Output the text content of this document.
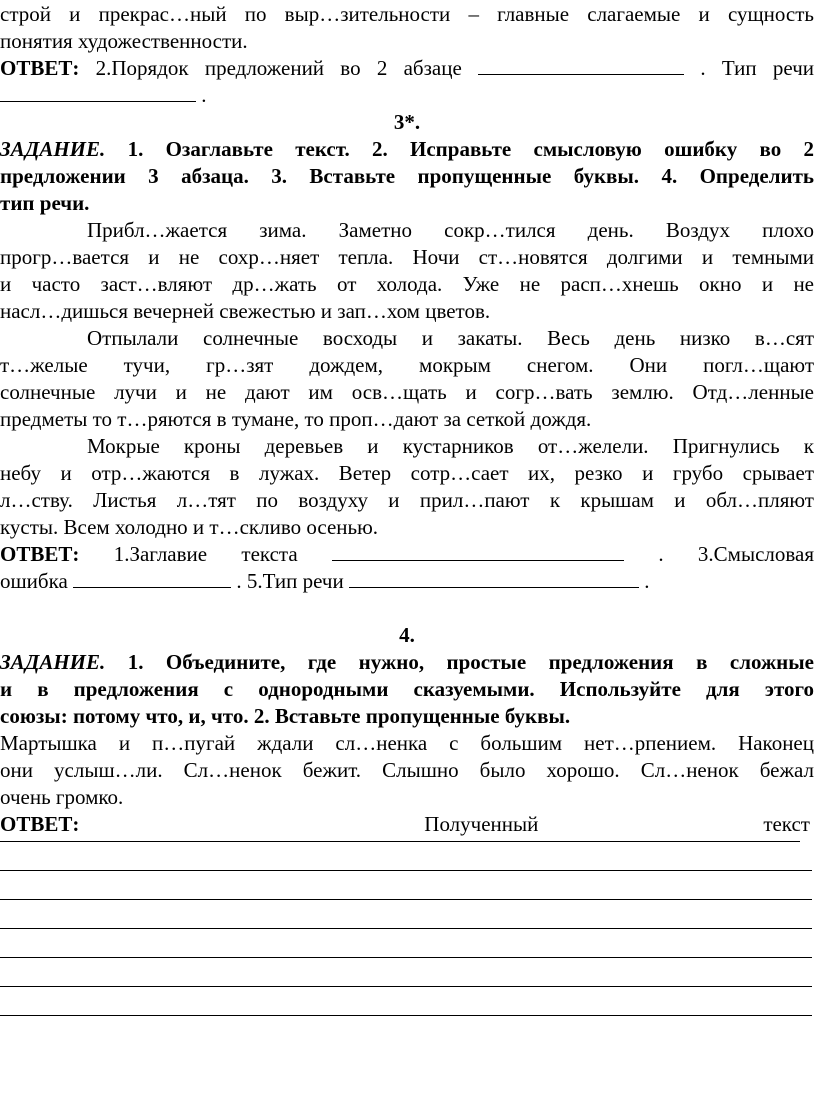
строй и прекрас…ный по выр…зительности – главные слагаемые и сущность

понятия художественности.

ОТВЕТ: 2.Порядок предложений во 2 абзаце	. Тип речи

.

3*.

ЗАДАНИЕ. 1. Озаглавьте текст. 2. Исправьте смысловую ошибку во 2

предложении 3 абзаца. 3. Вставьте пропущенные буквы. 4. Определить

тип речи.

Прибл…жается зима. Заметно сокр…тился день. Воздух плохо

прогр…вается и не сохр…няет тепла. Ночи ст…новятся долгими и темными

и часто заст…вляют др…жать от холода. Уже не расп…хнешь окно и не

насл…дишься вечерней свежестью и зап…хом цветов.

Отпылали солнечные восходы и закаты. Весь день низко в…сят

т…желые тучи, гр…зят дождем, мокрым снегом. Они погл…щают

солнечные лучи и не дают им осв…щать и согр…вать землю. Отд…ленные

предметы то т…ряются в тумане, то проп…дают за сеткой дождя.

Мокрые кроны деревьев и кустарников от…желели. Пригнулись к

небу и отр…жаются в лужах. Ветер сотр…сает их, резко и грубо срывает

л…ству. Листья л…тят по воздуху и прил…пают к крышам и обл…пляют

кусты. Всем холодно и т…скливо осенью.

ОТВЕТ: 1.Заглавие текста	. 3.Смысловая

ошибка	. 5.Тип речи	.

4.

ЗАДАНИЕ. 1. Объедините, где нужно, простые предложения в сложные

и в предложения с однородными сказуемыми. Используйте для этого

союзы: потому что, и, что. 2. Вставьте пропущенные буквы.

Мартышка и п…пугай ждали сл…ненка с большим нет…рпением. Наконец

они услыш…ли. Сл…ненок бежит. Слышно было хорошо. Сл…ненок бежал

очень громко.

ОТВЕТ:	Полученный	текст
